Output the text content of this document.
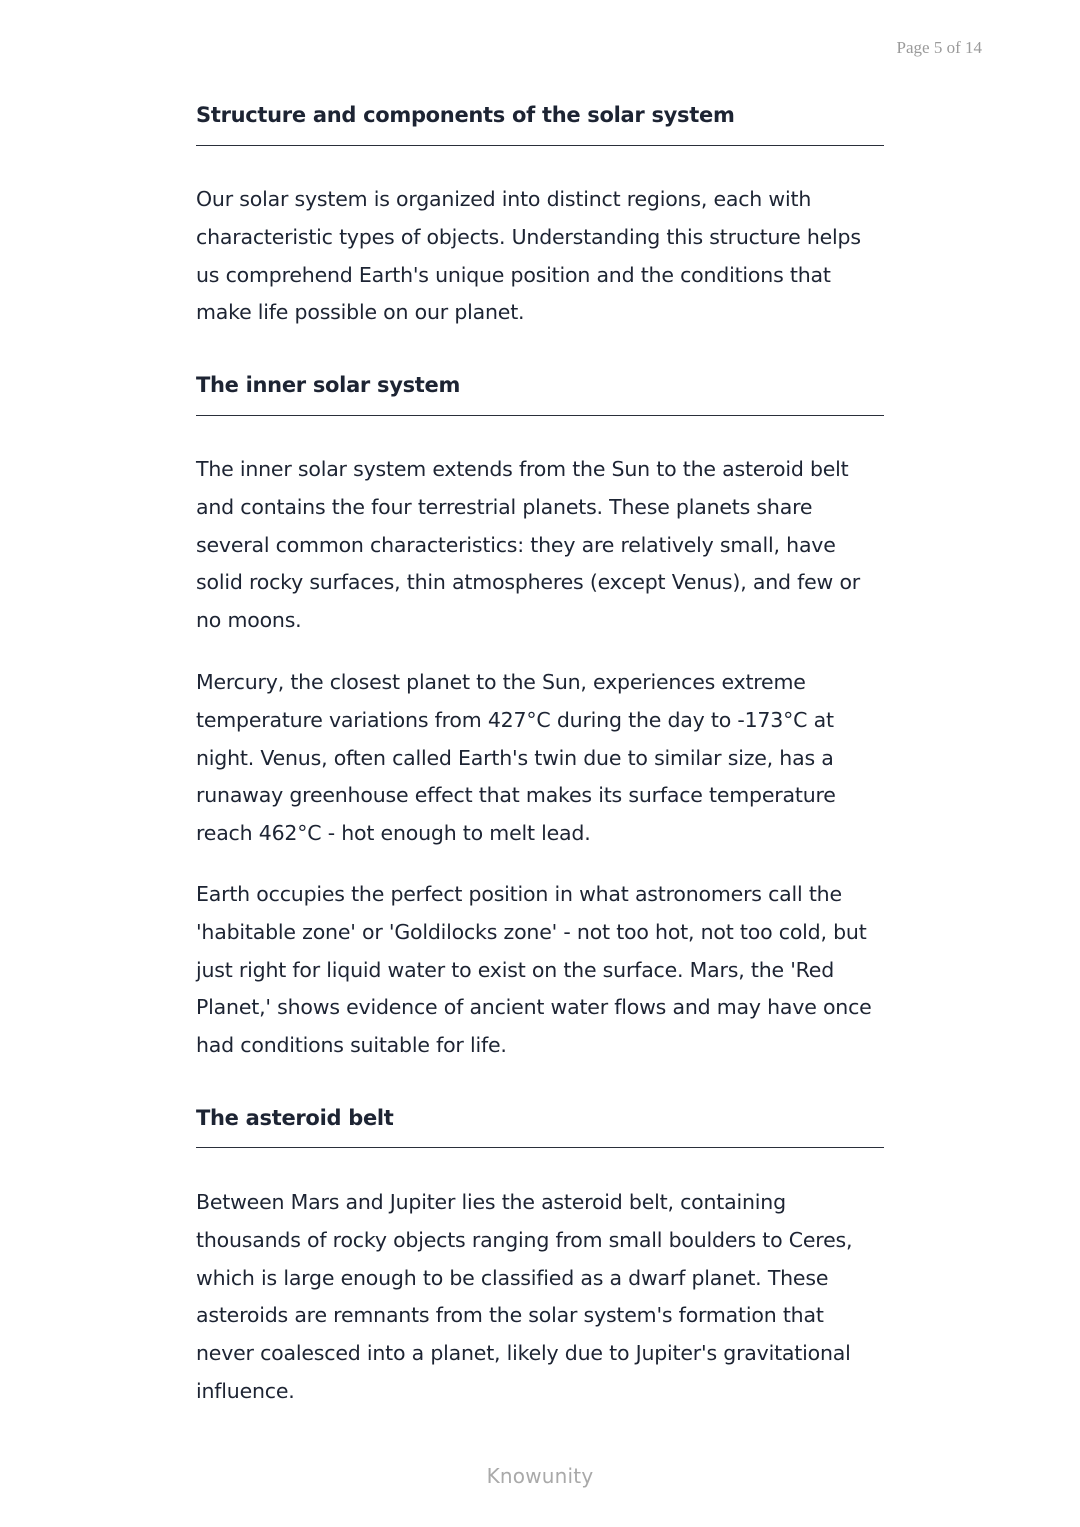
Page 5 of 14
Structure and components of the solar system

Our solar system is organized into distinct regions, each with characteristic types of objects. Understanding this structure helps us comprehend Earth's unique position and the conditions that make life possible on our planet.

The inner solar system

The inner solar system extends from the Sun to the asteroid belt and contains the four terrestrial planets. These planets share several common characteristics: they are relatively small, have solid rocky surfaces, thin atmospheres (except Venus), and few or no moons.

Mercury, the closest planet to the Sun, experiences extreme temperature variations from 427°C during the day to -173°C at night. Venus, often called Earth's twin due to similar size, has a runaway greenhouse effect that makes its surface temperature reach 462°C - hot enough to melt lead.

Earth occupies the perfect position in what astronomers call the 'habitable zone' or 'Goldilocks zone' - not too hot, not too cold, but just right for liquid water to exist on the surface. Mars, the 'Red Planet,' shows evidence of ancient water flows and may have once had conditions suitable for life.

The asteroid belt

Between Mars and Jupiter lies the asteroid belt, containing thousands of rocky objects ranging from small boulders to Ceres, which is large enough to be classified as a dwarf planet. These asteroids are remnants from the solar system's formation that never coalesced into a planet, likely due to Jupiter's gravitational influence.

Knowunity
